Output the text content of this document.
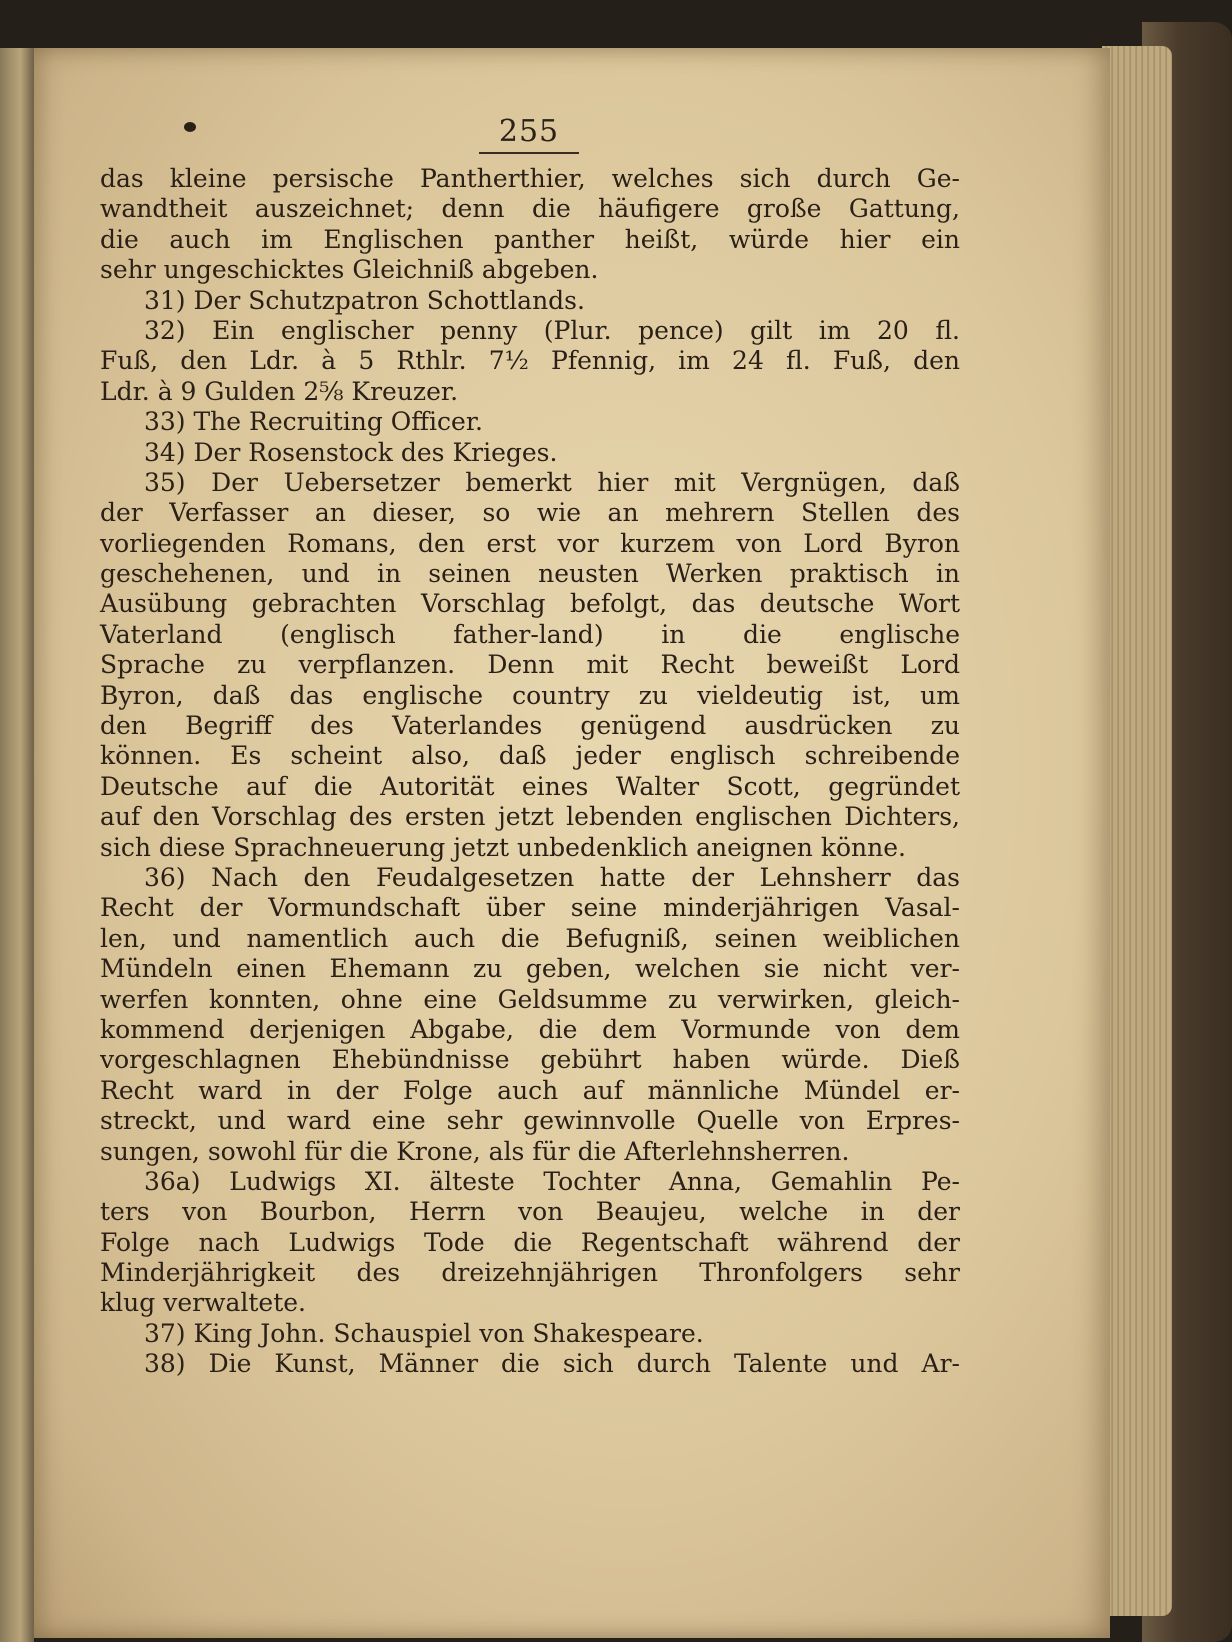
255
das kleine persische Pantherthier, welches sich durch Ge-
wandtheit auszeichnet; denn die häufigere große Gattung,
die auch im Englischen panther heißt, würde hier ein
sehr ungeschicktes Gleichniß abgeben.
31) Der Schutzpatron Schottlands.
32) Ein englischer penny (Plur. pence) gilt im 20 fl.
Fuß, den Ldr. à 5 Rthlr. 7½ Pfennig, im 24 fl. Fuß, den
Ldr. à 9 Gulden 2⅝ Kreuzer.
33) The Recruiting Officer.
34) Der Rosenstock des Krieges.
35) Der Uebersetzer bemerkt hier mit Vergnügen, daß
der Verfasser an dieser, so wie an mehrern Stellen des
vorliegenden Romans, den erst vor kurzem von Lord Byron
geschehenen, und in seinen neusten Werken praktisch in
Ausübung gebrachten Vorschlag befolgt, das deutsche Wort
Vaterland (englisch father-land) in die englische
Sprache zu verpflanzen. Denn mit Recht beweißt Lord
Byron, daß das englische country zu vieldeutig ist, um
den Begriff des Vaterlandes genügend ausdrücken zu
können. Es scheint also, daß jeder englisch schreibende
Deutsche auf die Autorität eines Walter Scott, gegründet
auf den Vorschlag des ersten jetzt lebenden englischen Dichters,
sich diese Sprachneuerung jetzt unbedenklich aneignen könne.
36) Nach den Feudalgesetzen hatte der Lehnsherr das
Recht der Vormundschaft über seine minderjährigen Vasal-
len, und namentlich auch die Befugniß, seinen weiblichen
Mündeln einen Ehemann zu geben, welchen sie nicht ver-
werfen konnten, ohne eine Geldsumme zu verwirken, gleich-
kommend derjenigen Abgabe, die dem Vormunde von dem
vorgeschlagnen Ehebündnisse gebührt haben würde. Dieß
Recht ward in der Folge auch auf männliche Mündel er-
streckt, und ward eine sehr gewinnvolle Quelle von Erpres-
sungen, sowohl für die Krone, als für die Afterlehnsherren.
36a) Ludwigs XI. älteste Tochter Anna, Gemahlin Pe-
ters von Bourbon, Herrn von Beaujeu, welche in der
Folge nach Ludwigs Tode die Regentschaft während der
Minderjährigkeit des dreizehnjährigen Thronfolgers sehr
klug verwaltete.
37) King John. Schauspiel von Shakespeare.
38) Die Kunst, Männer die sich durch Talente und Ar-
